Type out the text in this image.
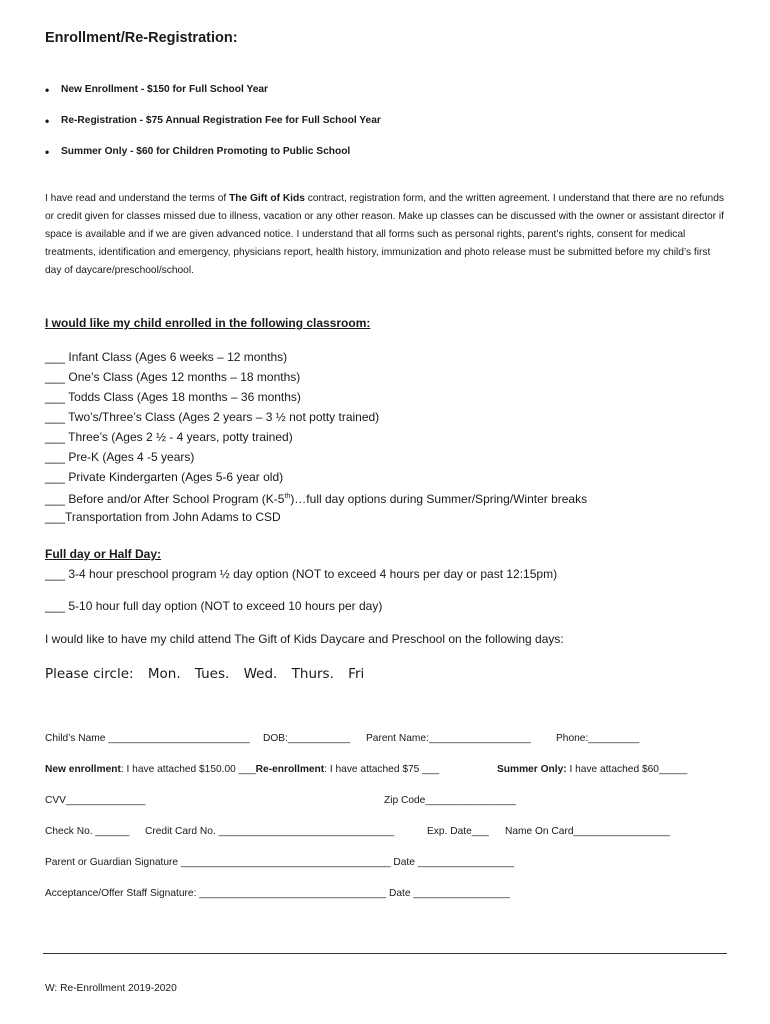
Enrollment/Re-Registration:
• New Enrollment - $150 for Full School Year
• Re-Registration - $75 Annual Registration Fee for Full School Year
• Summer Only - $60 for Children Promoting to Public School
I have read and understand the terms of The Gift of Kids contract, registration form, and the written agreement. I understand that there are no refunds or credit given for classes missed due to illness, vacation or any other reason. Make up classes can be discussed with the owner or assistant director if space is available and if we are given advanced notice. I understand that all forms such as personal rights, parent’s rights, consent for medical treatments, identification and emergency, physicians report, health history, immunization and photo release must be submitted before my child’s first day of daycare/preschool/school.
I would like my child enrolled in the following classroom:
___ Infant Class (Ages 6 weeks – 12 months)
___ One’s Class (Ages 12 months – 18 months)
___ Todds Class (Ages 18 months – 36 months)
___ Two’s/Three’s Class (Ages 2 years – 3 ½ not potty trained)
___ Three’s (Ages 2 ½ - 4 years, potty trained)
___ Pre-K (Ages 4 -5 years)
___ Private Kindergarten (Ages 5-6 year old)
___ Before and/or After School Program (K-5th)…full day options during Summer/Spring/Winter breaks
___Transportation from John Adams to CSD
Full day or Half Day:
___ 3-4 hour preschool program ½ day option (NOT to exceed 4 hours per day or past 12:15pm)
___ 5-10 hour full day option (NOT to exceed 10 hours per day)
I would like to have my child attend The Gift of Kids Daycare and Preschool on the following days:
Please circle: Mon. Tues. Wed. Thurs. Fri
Child’s Name _________________________ DOB:___________ Parent Name:__________________ Phone:_________
New enrollment: I have attached $150.00 ___Re-enrollment: I have attached $75 ___	Summer Only: I have attached $60_____
CVV______________	Zip Code________________
Check No. ______ Credit Card No. _______________________________	Exp. Date___ Name On Card_________________
Parent or Guardian Signature _____________________________________ Date _________________
Acceptance/Offer Staff Signature: _________________________________ Date _________________
W: Re-Enrollment 2019-2020
